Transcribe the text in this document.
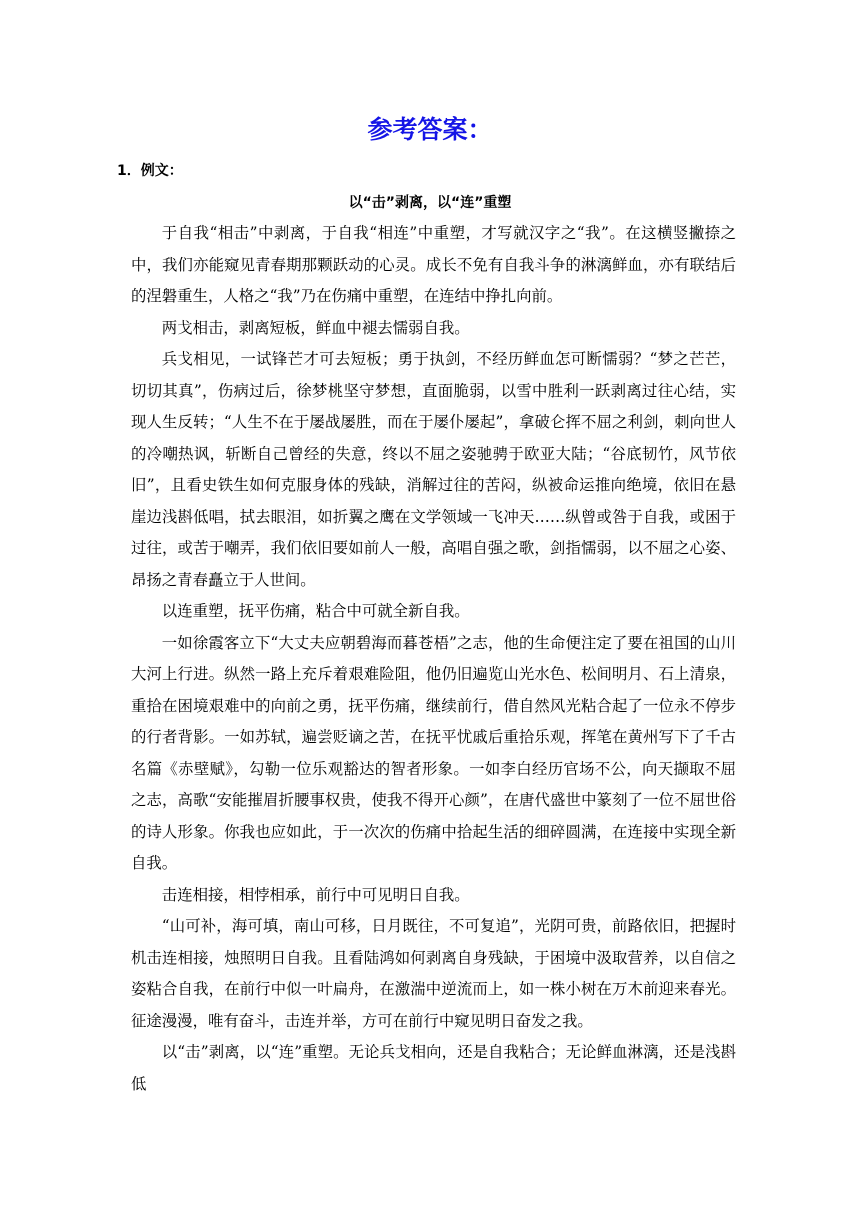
参考答案：
1．例文：
以“击”剥离，以“连”重塑

于自我“相击”中剥离，于自我“相连”中重塑，才写就汉字之“我”。在这横竖撇捺之中，我们亦能窥见青春期那颗跃动的心灵。成长不免有自我斗争的淋漓鲜血，亦有联结后的涅磐重生，人格之“我”乃在伤痛中重塑，在连结中挣扎向前。

两戈相击，剥离短板，鲜血中褪去懦弱自我。

兵戈相见，一试锋芒才可去短板；勇于执剑，不经历鲜血怎可断懦弱？“梦之芒芒，切切其真”，伤病过后，徐梦桃坚守梦想，直面脆弱，以雪中胜利一跃剥离过往心结，实现人生反转；“人生不在于屡战屡胜，而在于屡仆屡起”，拿破仑挥不屈之利剑，刺向世人的冷嘲热讽，斩断自己曾经的失意，终以不屈之姿驰骋于欧亚大陆；“谷底韧竹，风节依旧”，且看史铁生如何克服身体的残缺，消解过往的苦闷，纵被命运推向绝境，依旧在悬崖边浅斟低唱，拭去眼泪，如折翼之鹰在文学领域一飞冲天……纵曾或咎于自我，或困于过往，或苦于嘲弄，我们依旧要如前人一般，高唱自强之歌，剑指懦弱，以不屈之心姿、昂扬之青春矗立于人世间。

以连重塑，抚平伤痛，粘合中可就全新自我。

一如徐霞客立下“大丈夫应朝碧海而暮苍梧”之志，他的生命便注定了要在祖国的山川大河上行进。纵然一路上充斥着艰难险阻，他仍旧遍览山光水色、松间明月、石上清泉，重拾在困境艰难中的向前之勇，抚平伤痛，继续前行，借自然风光粘合起了一位永不停步的行者背影。一如苏轼，遍尝贬谪之苦，在抚平忧戚后重拾乐观，挥笔在黄州写下了千古名篇《赤壁赋》，勾勒一位乐观豁达的智者形象。一如李白经历官场不公，向天撷取不屈之志，高歌“安能摧眉折腰事权贵，使我不得开心颜”，在唐代盛世中篆刻了一位不屈世俗的诗人形象。你我也应如此，于一次次的伤痛中拾起生活的细碎圆满，在连接中实现全新自我。

击连相接，相悖相承，前行中可见明日自我。

“山可补，海可填，南山可移，日月既往，不可复追”，光阴可贵，前路依旧，把握时机击连相接，烛照明日自我。且看陆鸿如何剥离自身残缺，于困境中汲取营养，以自信之姿粘合自我，在前行中似一叶扁舟，在激湍中逆流而上，如一株小树在万木前迎来春光。征途漫漫，唯有奋斗，击连并举，方可在前行中窥见明日奋发之我。

以“击”剥离，以“连”重塑。无论兵戈相向，还是自我粘合；无论鲜血淋漓，还是浅斟低
